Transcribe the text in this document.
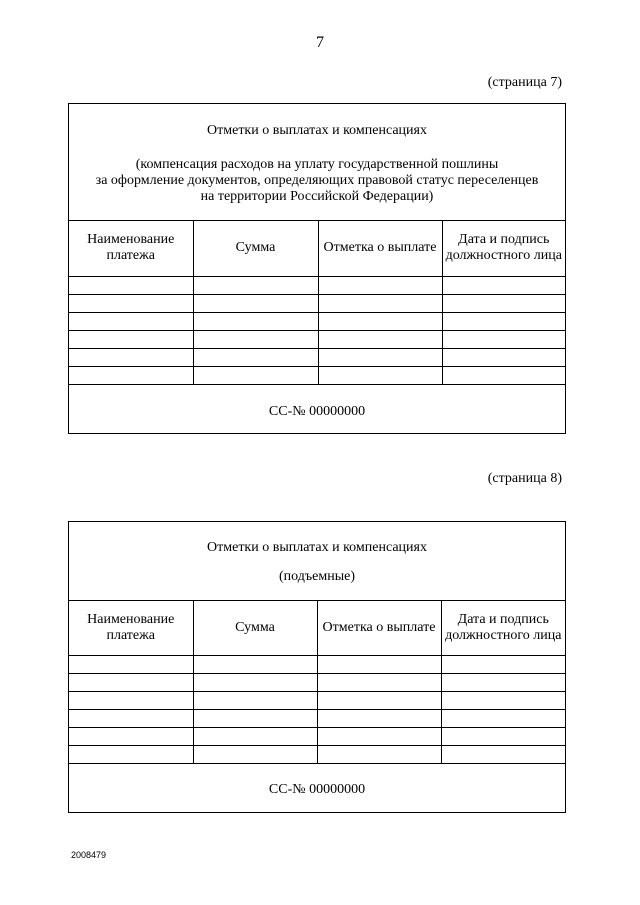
7
(страница 7)
Отметки о выплатах и компенсациях
(компенсация расходов на уплату государственной пошлины
за оформление документов, определяющих правовой статус переселенцев
на территории Российской Федерации)
Наименование платежа	Сумма	Отметка о выплате	Дата и подпись должностного лица

СС-№ 00000000
(страница 8)
Отметки о выплатах и компенсациях
(подъемные)
Наименование платежа	Сумма	Отметка о выплате	Дата и подпись должностного лица

СС-№ 00000000
2008479
